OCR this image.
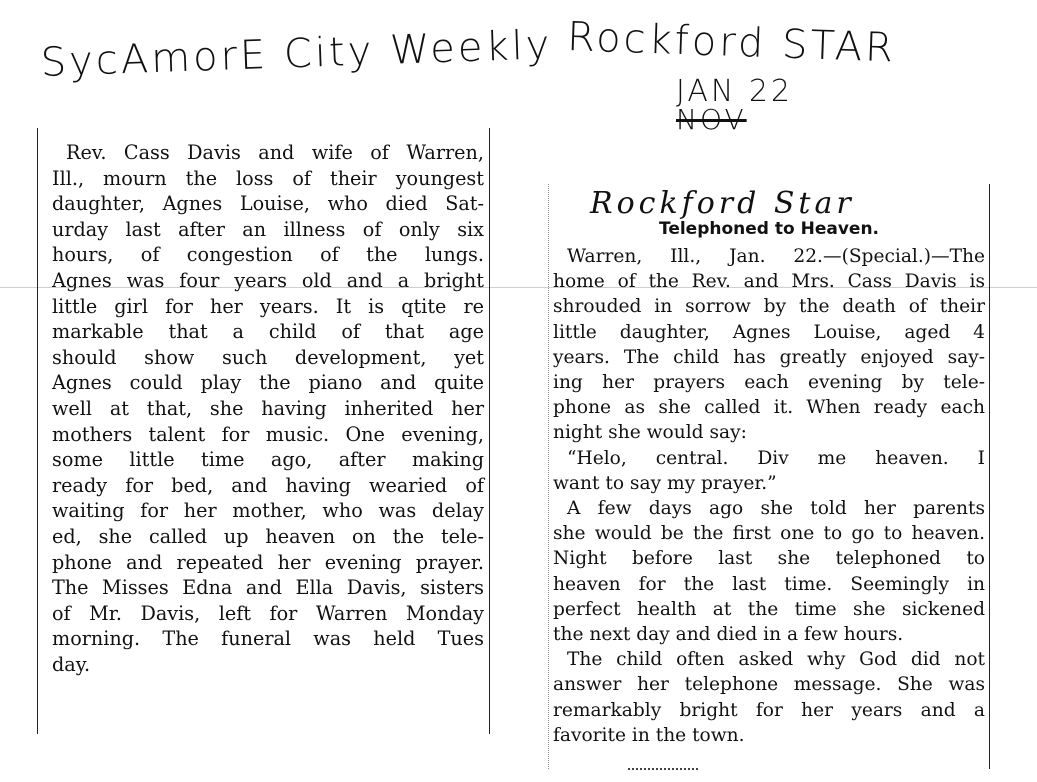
SycAmorE City Weekly Rockford STAR
JAN 22
NOV
Rev. Cass Davis and wife of Warren,
Ill., mourn the loss of their youngest
daughter, Agnes Louise, who died Sat-
urday last after an illness of only six
hours, of congestion of the lungs.
Agnes was four years old and a bright
little girl for her years. It is qtite re
markable that a child of that age
should show such development, yet
Agnes could play the piano and quite
well at that, she having inherited her
mothers talent for music. One evening,
some little time ago, after making
ready for bed, and having wearied of
waiting for her mother, who was delay
ed, she called up heaven on the tele-
phone and repeated her evening prayer.
The Misses Edna and Ella Davis, sisters
of Mr. Davis, left for Warren Monday
morning. The funeral was held Tues
day.
Rockford Star
Telephoned to Heaven.
Warren, Ill., Jan. 22.—(Special.)—The
home of the Rev. and Mrs. Cass Davis is
shrouded in sorrow by the death of their
little daughter, Agnes Louise, aged 4
years. The child has greatly enjoyed say-
ing her prayers each evening by tele-
phone as she called it. When ready each
night she would say:
“Helo, central. Div me heaven. I
want to say my prayer.”
A few days ago she told her parents
she would be the first one to go to heaven.
Night before last she telephoned to
heaven for the last time. Seemingly in
perfect health at the time she sickened
the next day and died in a few hours.
The child often asked why God did not
answer her telephone message. She was
remarkably bright for her years and a
favorite in the town.
